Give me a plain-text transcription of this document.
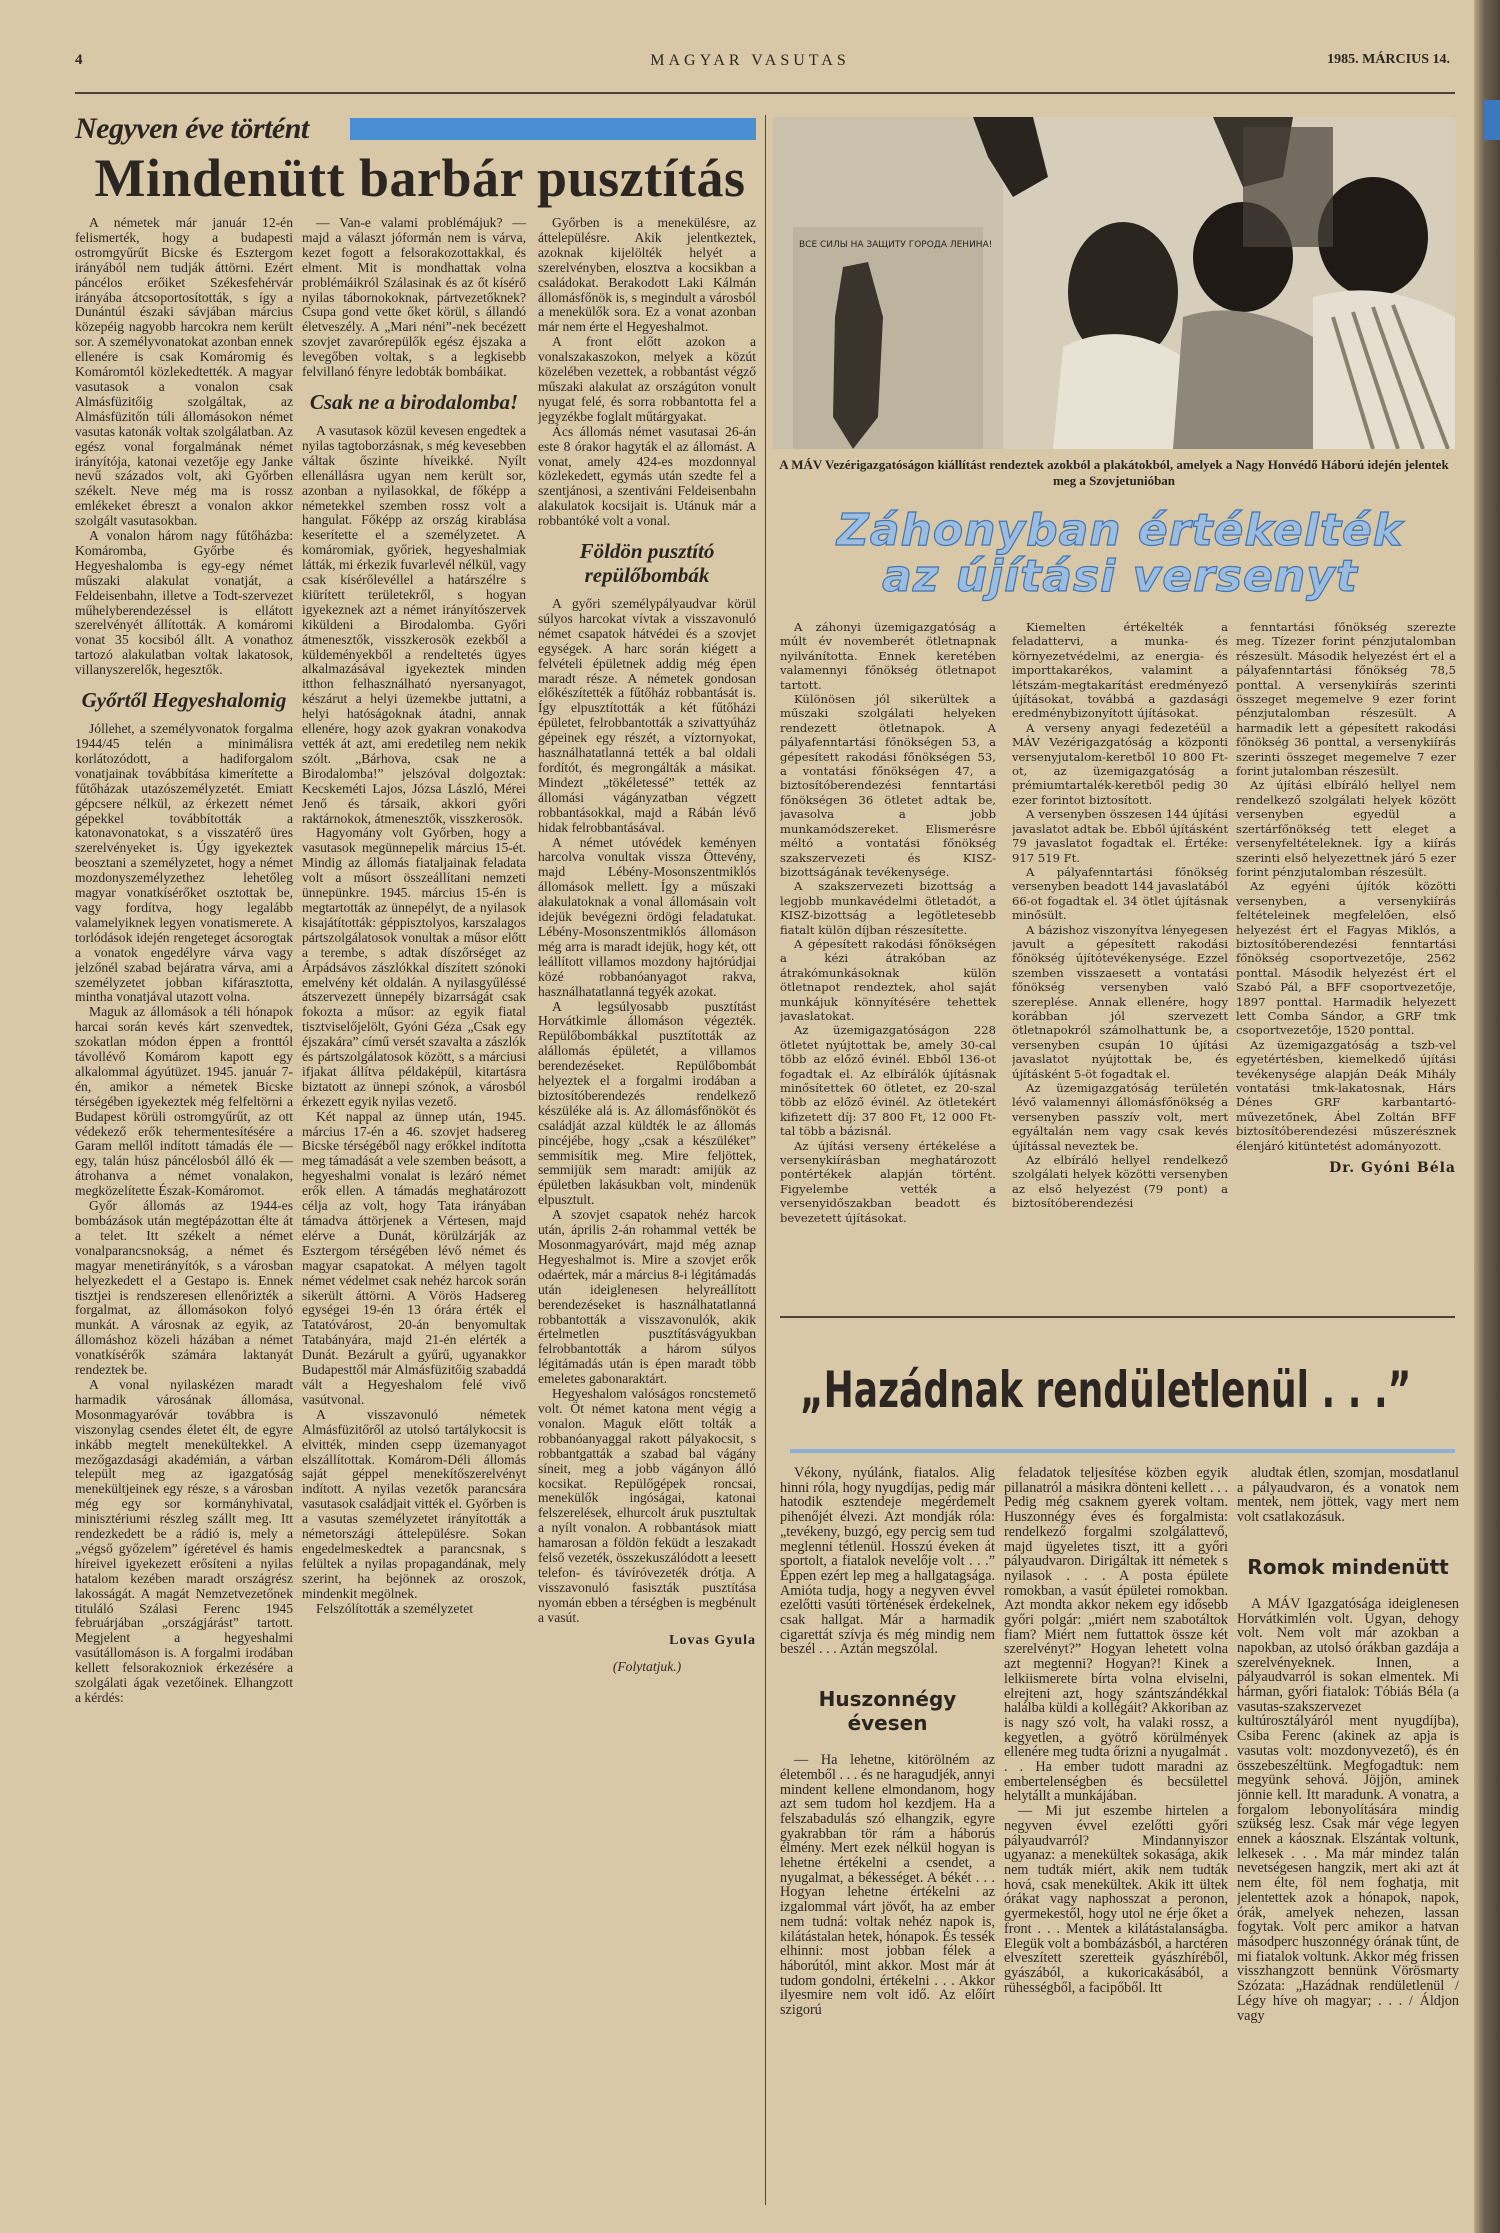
4	MAGYAR VASUTAS	1985. MÁRCIUS 14.
Negyven éve történt
Mindenütt barbár pusztítás

A németek már január 12-én felismerték, hogy a budapesti ostromgyűrűt Bicske és Esztergom irányából nem tudják áttörni. Ezért páncélos erőiket Székesfehérvár irányába átcsoportosították, s így a Dunántúl északi sávjában március közepéig nagyobb harcokra nem került sor. A személyvonatokat azonban ennek ellenére is csak Komáromig és Komáromtól közlekedtették. A magyar vasutasok a vonalon csak Almásfüzitőig szolgáltak, az Almásfüzitőn túli állomásokon német vasutas katonák voltak szolgálatban. Az egész vonal forgalmának német irányítója, katonai vezetője egy Janke nevű százados volt, aki Győrben székelt. Neve még ma is rossz emlékeket ébreszt a vonalon akkor szolgált vasutasokban.

A vonalon három nagy fűtőházba: Komáromba, Győrbe és Hegyeshalomba is egy-egy német műszaki alakulat vonatját, a Feldeisenbahn, illetve a Todt-szervezet műhelyberendezéssel is ellátott szerelvényét állították. A komáromi vonat 35 kocsiból állt. A vonathoz tartozó alakulatban voltak lakatosok, villanyszerelők, hegesztők.

Győrtől Hegyeshalomig

Jóllehet, a személyvonatok forgalma 1944/45 telén a minimálisra korlátozódott, a hadiforgalom vonatjainak továbbítása kimerítette a fűtőházak utazószemélyzetét. Emiatt gépcsere nélkül, az érkezett német gépekkel továbbították a katonavonatokat, s a visszatérő üres szerelvényeket is. Úgy igyekeztek beosztani a személyzetet, hogy a német mozdonyszemélyzethez lehetőleg magyar vonatkísérőket osztottak be, vagy fordítva, hogy legalább valamelyiknek legyen vonatismerete. A torlódások idején rengeteget ácsorogtak a vonatok engedélyre várva vagy jelzőnél szabad bejáratra várva, ami a személyzetet jobban kifárasztotta, mintha vonatjával utazott volna.

Maguk az állomások a téli hónapok harcai során kevés kárt szenvedtek, szokatlan módon éppen a fronttól távollévő Komárom kapott egy alkalommal ágyútüzet. 1945. január 7-én, amikor a németek Bicske térségében igyekeztek még felfeltörni a Budapest körüli ostromgyűrűt, az ott védekező erők tehermentesítésére a Garam mellől indított támadás éle — egy, talán húsz páncélosból álló ék — átrohanva a német vonalakon, megközelítette Észak-Komáromot.

Győr állomás az 1944-es bombázások után megtépázottan élte át a telet. Itt székelt a német vonalparancsnokság, a német és magyar menetirányítók, s a városban helyezkedett el a Gestapo is. Ennek tisztjei is rendszeresen ellenőrizték a forgalmat, az állomásokon folyó munkát. A városnak az egyik, az állomáshoz közeli házában a német vonatkísérők számára laktanyát rendeztek be.

A vonal nyilaskézen maradt harmadik városának állomása, Mosonmagyaróvár továbbra is viszonylag csendes életet élt, de egyre inkább megtelt menekültekkel. A mezőgazdasági akadémián, a várban települt meg az igazgatóság menekültjeinek egy része, s a városban még egy sor kormányhivatal, minisztériumi részleg szállt meg. Itt rendezkedett be a rádió is, mely a „végső győzelem” ígéretével és hamis híreivel igyekezett erősíteni a nyilas hatalom kezében maradt országrész lakosságát. A magát Nemzetvezetőnek tituláló Szálasi Ferenc 1945 februárjában „országjárást” tartott. Megjelent a hegyeshalmi vasútállomáson is. A forgalmi irodában kellett felsorakozniok érkezésére a szolgálati ágak vezetőinek. Elhangzott a kérdés:

— Van-e valami problémájuk? — majd a választ jóformán nem is várva, kezet fogott a felsorakozottakkal, és elment. Mit is mondhattak volna problémáikról Szálasinak és az őt kísérő nyilas tábornokoknak, pártvezetőknek? Csupa gond vette őket körül, s állandó életveszély. A „Mari néni”-nek becézett szovjet zavarórepülők egész éjszaka a levegőben voltak, s a legkisebb felvillanó fényre ledobták bombáikat.

Csak ne a birodalomba!

A vasutasok közül kevesen engedtek a nyilas tagtoborzásnak, s még kevesebben váltak őszinte híveikké. Nyílt ellenállásra ugyan nem került sor, azonban a nyilasokkal, de főképp a németekkel szemben rossz volt a hangulat. Főképp az ország kirablása keserítette el a személyzetet. A komáromiak, győriek, hegyeshalmiak látták, mi érkezik fuvarlevél nélkül, vagy csak kísérőlevéllel a határszélre s kiürített területekről, s hogyan igyekeznek azt a német irányítószervek kiküldeni a Birodalomba. Győri átmenesztők, visszkerosök ezekből a küldeményekből a rendeltetés ügyes alkalmazásával igyekeztek minden itthon felhasználható nyersanyagot, készárut a helyi üzemekbe juttatni, a helyi hatóságoknak átadni, annak ellenére, hogy azok gyakran vonakodva vették át azt, ami eredetileg nem nekik szólt. „Bárhova, csak ne a Birodalomba!” jelszóval dolgoztak: Kecskeméti Lajos, Józsa László, Mérei Jenő és társaik, akkori győri raktárnokok, átmenesztők, visszkerosök.

Hagyomány volt Győrben, hogy a vasutasok megünnepelik március 15-ét. Mindig az állomás fiataljainak feladata volt a műsort összeállítani nemzeti ünnepünkre. 1945. március 15-én is megtartották az ünnepélyt, de a nyilasok kisajátították: géppisztolyos, karszalagos pártszolgálatosok vonultak a műsor előtt a terembe, s adtak díszőrséget az Árpádsávos zászlókkal díszített szónoki emelvény két oldalán. A nyilasgyűléssé átszervezett ünnepély bizarrságát csak fokozta a műsor: az egyik fiatal tisztviselőjelölt, Gyóni Géza „Csak egy éjszakára” című versét szavalta a zászlók és pártszolgálatosok között, s a márciusi ifjakat állítva példaképül, kitartásra biztatott az ünnepi szónok, a városból érkezett egyik nyilas vezető.

Két nappal az ünnep után, 1945. március 17-én a 46. szovjet hadsereg Bicske térségéből nagy erőkkel indította meg támadását a vele szemben beásott, a hegyeshalmi vonalat is lezáró német erők ellen. A támadás meghatározott célja az volt, hogy Tata irányában támadva áttörjenek a Vértesen, majd elérve a Dunát, körülzárják az Esztergom térségében lévő német és magyar csapatokat. A mélyen tagolt német védelmet csak nehéz harcok során sikerült áttörni. A Vörös Hadsereg egységei 19-én 13 órára érték el Tatatóvárost, 20-án benyomultak Tatabányára, majd 21-én elérték a Dunát. Bezárult a gyűrű, ugyanakkor Budapesttől már Almásfüzitőig szabaddá vált a Hegyeshalom felé vivő vasútvonal.

A visszavonuló németek Almásfüzitőről az utolsó tartálykocsit is elvitték, minden csepp üzemanyagot elszállítottak. Komárom-Déli állomás saját géppel menekítőszerelvényt indított. A nyilas vezetők parancsára vasutasok családjait vitték el. Győrben is a vasutas személyzetet irányították a németországi áttelepülésre. Sokan engedelmeskedtek a parancsnak, s felültek a nyilas propagandának, mely szerint, ha bejönnek az oroszok, mindenkit megölnek.

Felszólították a személyzetet

Győrben is a menekülésre, az áttelepülésre. Akik jelentkeztek, azoknak kijelölték helyét a szerelvényben, elosztva a kocsikban a családokat. Berakodott Laki Kálmán állomásfőnök is, s megindult a városból a menekülők sora. Ez a vonat azonban már nem érte el Hegyeshalmot.

A front előtt azokon a vonalszakaszokon, melyek a közút közelében vezettek, a robbantást végző műszaki alakulat az országúton vonult nyugat felé, és sorra robbantotta fel a jegyzékbe foglalt műtárgyakat.

Ács állomás német vasutasai 26-án este 8 órakor hagyták el az állomást. A vonat, amely 424-es mozdonnyal közlekedett, egymás után szedte fel a szentjánosi, a szentiváni Feldeisenbahn alakulatok kocsijait is. Utánuk már a robbantóké volt a vonal.

Földön pusztító repülőbombák

A győri személypályaudvar körül súlyos harcokat vívtak a visszavonuló német csapatok hátvédei és a szovjet egységek. A harc során kiégett a felvételi épületnek addig még épen maradt része. A németek gondosan előkészítették a fűtőház robbantását is. Így elpusztították a két fűtőházi épületet, felrobbantották a szivattyúház gépeinek egy részét, a víztornyokat, használhatatlanná tették a bal oldali fordítót, és megrongálták a másikat. Mindezt „tökéletessé” tették az állomási vágányzatban végzett robbantásokkal, majd a Rábán lévő hidak felrobbantásával.

A német utóvédek keményen harcolva vonultak vissza Öttevény, majd Lébény-Mosonszentmiklós állomások mellett. Így a műszaki alakulatoknak a vonal állomásain volt idejük bevégezni ördögi feladatukat. Lébény-Mosonszentmiklós állomáson még arra is maradt idejük, hogy két, ott leállított villamos mozdony hajtórúdjai közé robbanóanyagot rakva, használhatatlanná tegyék azokat.

A legsúlyosabb pusztítást Horvátkimle állomáson végezték. Repülőbombákkal pusztították az alállomás épületét, a villamos berendezéseket. Repülőbombát helyeztek el a forgalmi irodában a biztosítóberendezés rendelkező készüléke alá is. Az állomásfőnököt és családját azzal küldték le az állomás pincéjébe, hogy „csak a készüléket” semmisítik meg. Mire feljöttek, semmijük sem maradt: amijük az épületben lakásukban volt, mindenük elpusztult.

A szovjet csapatok nehéz harcok után, április 2-án rohammal vették be Mosonmagyaróvárt, majd még aznap Hegyeshalmot is. Mire a szovjet erők odaértek, már a március 8-i légitámadás után ideiglenesen helyreállított berendezéseket is használhatatlanná robbantották a visszavonulók, akik értelmetlen pusztításvágyukban felrobbantották a három súlyos légitámadás után is épen maradt több emeletes gabonaraktárt.

Hegyeshalom valóságos roncstemető volt. Öt német katona ment végig a vonalon. Maguk előtt tolták a robbanóanyaggal rakott pályakocsit, s robbantgatták a szabad bal vágány síneit, meg a jobb vágányon álló kocsikat. Repülőgépek roncsai, menekülők ingóságai, katonai felszerelések, elhurcolt áruk pusztultak a nyílt vonalon. A robbantások miatt hamarosan a földön feküdt a leszakadt felső vezeték, összekuszálódott a leesett telefon- és távíróvezeték drótja. A visszavonuló fasiszták pusztítása nyomán ebben a térségben is megbénult a vasút.

Lovas Gyula

(Folytatjuk.)

ВСЕ СИЛЫ НА ЗАЩИТУ ГОРОДА ЛЕНИНА!
A MÁV Vezérigazgatóságon kiállítást rendeztek azokból a plakátokból, amelyek a Nagy Honvédő Háború idején jelentek meg a Szovjetunióban
Záhonyban értékelték
az újítási versenyt

A záhonyi üzemigazgatóság a múlt év novemberét ötletnapnak nyilvánította. Ennek keretében valamennyi főnökség ötletnapot tartott.

Különösen jól sikerültek a műszaki szolgálati helyeken rendezett ötletnapok. A pályafenntartási főnökségen 53, a gépesített rakodási főnökségen 53, a vontatási főnökségen 47, a biztosítóberendezési fenntartási főnökségen 36 ötletet adtak be, javasolva a jobb munkamódszereket. Elismerésre méltó a vontatási főnökség szakszervezeti és KISZ-bizottságának tevékenysége.

A szakszervezeti bizottság a legjobb munkavédelmi ötletadót, a KISZ-bizottság a legötletesebb fiatalt külön díjban részesítette.

A gépesített rakodási főnökségen a kézi átrakóban az átrakómunkásoknak külön ötletnapot rendeztek, ahol saját munkájuk könnyítésére tehettek javaslatokat.

Az üzemigazgatóságon 228 ötletet nyújtottak be, amely 30-cal több az előző évinél. Ebből 136-ot fogadtak el. Az elbírálók újításnak minősítettek 60 ötletet, ez 20-szal több az előző évinél. Az ötletekért kifizetett díj: 37 800 Ft, 12 000 Ft-tal több a bázisnál.

Az újítási verseny értékelése a versenykiírásban meghatározott pontértékek alapján történt. Figyelembe vették a versenyidőszakban beadott és bevezetett újításokat.

Kiemelten értékelték a feladattervi, a munka- és környezetvédelmi, az energia- és importtakarékos, valamint a létszám-megtakarítást eredményező újításokat, továbbá a gazdasági eredménybizonyított újításokat.

A verseny anyagi fedezetéül a MÁV Vezérigazgatóság a központi versenyjutalom-keretből 10 800 Ft-ot, az üzemigazgatóság a prémiumtartalék-keretből pedig 30 ezer forintot biztosított.

A versenyben összesen 144 újítási javaslatot adtak be. Ebből újításként 79 javaslatot fogadtak el. Értéke: 917 519 Ft.

A pályafenntartási főnökség versenyben beadott 144 javaslatából 66-ot fogadtak el. 34 ötlet újításnak minősült.

A bázishoz viszonyítva lényegesen javult a gépesített rakodási főnökség újítótevékenysége. Ezzel szemben visszaesett a vontatási főnökség versenyben való szereplése. Annak ellenére, hogy korábban jól szervezett ötletnapokról számolhattunk be, a versenyben csupán 10 újítási javaslatot nyújtottak be, és újításként 5-öt fogadtak el.

Az üzemigazgatóság területén lévő valamennyi állomásfőnökség a versenyben passzív volt, mert egyáltalán nem vagy csak kevés újítással neveztek be.

Az elbíráló hellyel rendelkező szolgálati helyek közötti versenyben az első helyezést (79 pont) a biztosítóberendezési

fenntartási főnökség szerezte meg. Tízezer forint pénzjutalomban részesült. Második helyezést ért el a pályafenntartási főnökség 78,5 ponttal. A versenykiírás szerinti összeget megemelve 9 ezer forint pénzjutalomban részesült. A harmadik lett a gépesített rakodási főnökség 36 ponttal, a versenykiírás szerinti összeget megemelve 7 ezer forint jutalomban részesült.

Az újítási elbíráló hellyel nem rendelkező szolgálati helyek között versenyben egyedül a szertárfőnökség tett eleget a versenyfeltételeknek. Így a kiírás szerinti első helyezettnek járó 5 ezer forint pénzjutalomban részesült.

Az egyéni újítók közötti versenyben, a versenykiírás feltételeinek megfelelően, első helyezést ért el Fagyas Miklós, a biztosítóberendezési fenntartási főnökség csoportvezetője, 2562 ponttal. Második helyezést ért el Szabó Pál, a BFF csoportvezetője, 1897 ponttal. Harmadik helyezett lett Comba Sándor, a GRF tmk csoportvezetője, 1520 ponttal.

Az üzemigazgatóság a tszb-vel egyetértésben, kiemelkedő újítási tevékenysége alapján Deák Mihály vontatási tmk-lakatosnak, Hárs Dénes GRF karbantartó-művezetőnek, Ábel Zoltán BFF biztosítóberendezési műszerésznek élenjáró kitüntetést adományozott.

Dr. Gyóni Béla

„Hazádnak rendületlenül . . .”

Vékony, nyúlánk, fiatalos. Alig hinni róla, hogy nyugdíjas, pedig már hatodik esztendeje megérdemelt pihenőjét élvezi. Azt mondják róla: „tevékeny, buzgó, egy percig sem tud meglenni tétlenül. Hosszú éveken át sportolt, a fiatalok nevelője volt . . .” Éppen ezért lep meg a hallgatagsága. Amióta tudja, hogy a negyven évvel ezelőtti vasúti történések érdekelnek, csak hallgat. Már a harmadik cigarettát szívja és még mindig nem beszél . . . Aztán megszólal.

Huszonnégy évesen

— Ha lehetne, kitörölném az életemből . . . és ne haragudjék, annyi mindent kellene elmondanom, hogy azt sem tudom hol kezdjem. Ha a felszabadulás szó elhangzik, egyre gyakrabban tör rám a háborús élmény. Mert ezek nélkül hogyan is lehetne értékelni a csendet, a nyugalmat, a békességet. A békét . . . Hogyan lehetne értékelni az izgalommal várt jövőt, ha az ember nem tudná: voltak nehéz napok is, kilátástalan hetek, hónapok. És tessék elhinni: most jobban félek a háborútól, mint akkor. Most már át tudom gondolni, értékelni . . . Akkor ilyesmire nem volt idő. Az előírt szigorú

feladatok teljesítése közben egyik pillanatról a másikra dönteni kellett . . . Pedig még csaknem gyerek voltam. Huszonnégy éves és forgalmista: rendelkező forgalmi szolgálattevő, majd ügyeletes tiszt, itt a győri pályaudvaron. Dirigáltak itt németek s nyilasok . . . A posta épülete romokban, a vasút épületei romokban. Azt mondta akkor nekem egy idősebb győri polgár: „miért nem szabotáltok fiam? Miért nem futtattok össze két szerelvényt?” Hogyan lehetett volna azt megtenni? Hogyan?! Kinek a lelkiismerete bírta volna elviselni, elrejteni azt, hogy szántszándékkal halálba küldi a kollégáit? Akkoriban az is nagy szó volt, ha valaki rossz, a kegyetlen, a gyötrő körülmények ellenére meg tudta őrizni a nyugalmát . . . Ha ember tudott maradni az embertelenségben és becsülettel helytállt a munkájában.

— Mi jut eszembe hirtelen a negyven évvel ezelőtti győri pályaudvarról? Mindannyiszor ugyanaz: a menekültek sokasága, akik nem tudták miért, akik nem tudták hová, csak menekültek. Akik itt ültek órákat vagy naphosszat a peronon, gyermekestől, hogy utol ne érje őket a front . . . Mentek a kilátástalanságba. Elegük volt a bombázásból, a harctéren elveszített szeretteik gyászhíréből, gyászából, a kukoricakásából, a rühességből, a facipőből. Itt

aludtak étlen, szomjan, mosdatlanul a pályaudvaron, és a vonatok nem mentek, nem jöttek, vagy mert nem volt csatlakozásuk.

Romok mindenütt

A MÁV Igazgatósága ideiglenesen Horvátkimlén volt. Ugyan, dehogy volt. Nem volt már azokban a napokban, az utolsó órákban gazdája a szerelvényeknek. Innen, a pályaudvarról is sokan elmentek. Mi hárman, győri fiatalok: Tóbiás Béla (a vasutas-szakszervezet kultúrosztályáról ment nyugdíjba), Csiba Ferenc (akinek az apja is vasutas volt: mozdonyvezető), és én összebeszéltünk. Megfogadtuk: nem megyünk sehová. Jöjjön, aminek jönnie kell. Itt maradunk. A vonatra, a forgalom lebonyolítására mindig szükség lesz. Csak már vége legyen ennek a káosznak. Elszántak voltunk, lelkesek . . . Ma már mindez talán nevetségesen hangzik, mert aki azt át nem élte, föl nem foghatja, mit jelentettek azok a hónapok, napok, órák, amelyek nehezen, lassan fogytak. Volt perc amikor a hatvan másodperc huszonnégy órának tűnt, de mi fiatalok voltunk. Akkor még frissen visszhangzott bennünk Vörösmarty Szózata: „Hazádnak rendületlenül / Légy híve oh magyar; . . . / Áldjon vagy
